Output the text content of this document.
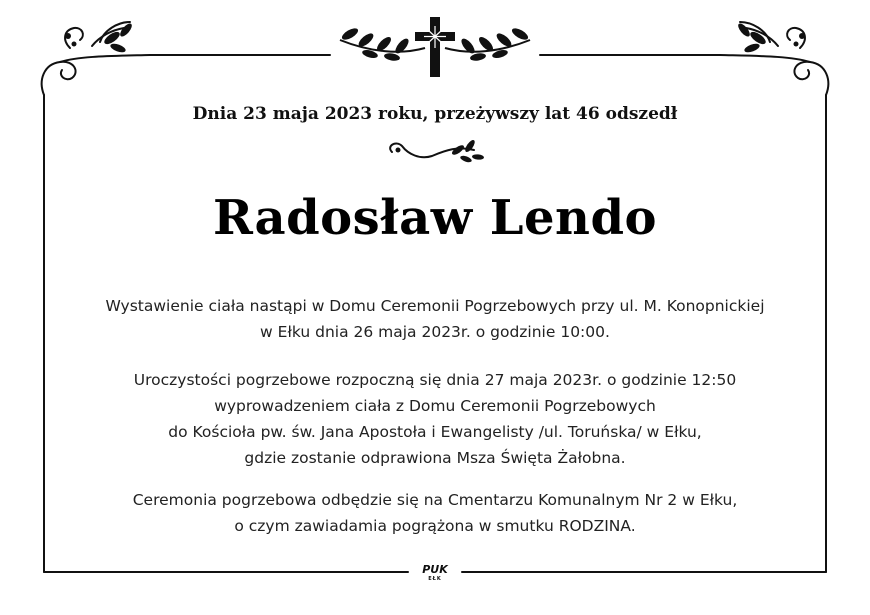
Dnia 23 maja 2023 roku, przeżywszy lat 46 odszedł
Radosław Lendo
Wystawienie ciała nastąpi w Domu Ceremonii Pogrzebowych przy ul. M. Konopnickiej
w Ełku dnia 26 maja 2023r. o godzinie 10:00.
Uroczystości pogrzebowe rozpoczną się dnia 27 maja 2023r. o godzinie 12:50
wyprowadzeniem ciała z Domu Ceremonii Pogrzebowych
do Kościoła pw. św. Jana Apostoła i Ewangelisty /ul. Toruńska/ w Ełku,
gdzie zostanie odprawiona Msza Święta Żałobna.
Ceremonia pogrzebowa odbędzie się na Cmentarzu Komunalnym Nr 2 w Ełku,
o czym zawiadamia pogrążona w smutku RODZINA.
PUK
EŁK
